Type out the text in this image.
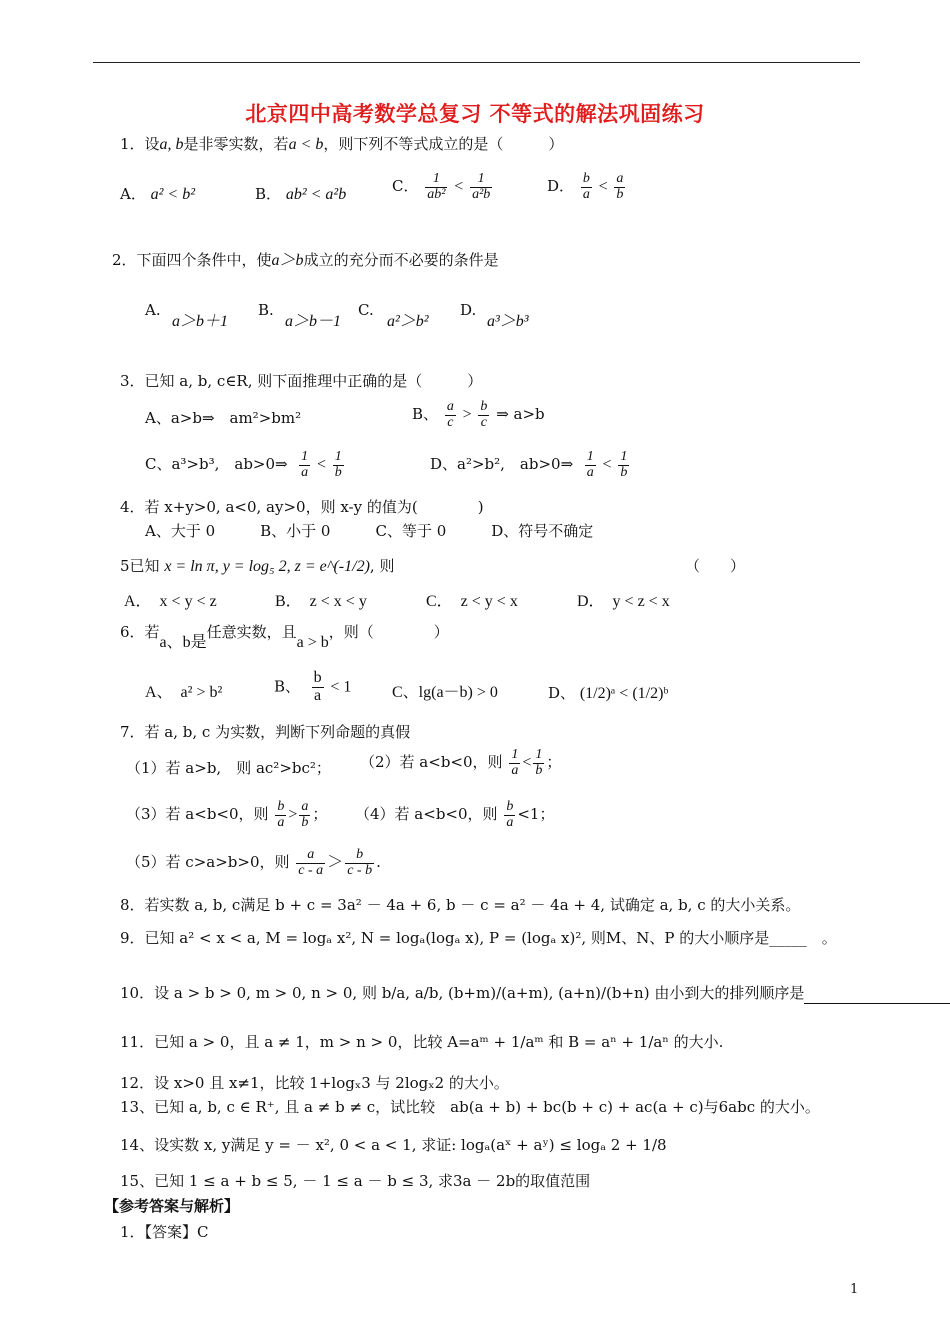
北京四中高考数学总复习 不等式的解法巩固练习
1．设a, b是非零实数，若a < b，则下列不等式成立的是（　　　）
A． a² < b²	B． ab² < a²b	C． $\frac{1}{\text{ab²}} < \frac{1}{\text{a²b}}$	D． $\frac{b}{a} < \frac{a}{b}$
2．下面四个条件中，使a＞b成立的充分而不必要的条件是
A.
a＞b＋1
B.
a＞b－1
C.
a²＞b²
D.
a³＞b³
3．已知 a, b, c∈R, 则下面推理中正确的是（　　　）
A、a>b⇒　am²>bm²	B、 $\frac{a}{c} > \frac{b}{c}$ ⇒ a>b
C、a³>b³,　ab>0⇒ $\frac{1}{a} < \frac{1}{b}$	D、a²>b²,　ab>0⇒ $\frac{1}{a} < \frac{1}{b}$
4．若 x+y>0, a<0, ay>0，则 x-y 的值为(　　　　)
A、大于 0　　　B、小于 0　　　C、等于 0　　　D、符号不确定
5已知 x = ln π, y = log₅ 2, z = e^(-1/2), 则	（　　）
A．　x < y < z	B．　z < x < y	C．　z < y < x	D．　y < z < x
6．若a、b是任意实数，且a > b，则（　　　　）
A、　a² > b²	B、 $\frac{b}{a} < 1$	C、lg(a－b) > 0	D、 (1/2)ᵃ < (1/2)ᵇ
7．若 a, b, c 为实数，判断下列命题的真假
（1）若 a>b,　则 ac²>bc²； （2）若 a<b<0，则 $\frac{1}{a} < \frac{1}{b}$ ；
（3）若 a<b<0，则 $\frac{b}{a} > \frac{a}{b}$ ； （4）若 a<b<0，则 $\frac{b}{a} <1$；
（5）若 c>a>b>0，则 $\frac{a}{c - a} > \frac{b}{c - b}$ .
8．若实数 a, b, c满足 b + c = 3a² － 4a + 6, b － c = a² － 4a + 4, 试确定 a, b, c 的大小关系。
9．已知 a² < x < a, M = logₐ x², N = logₐ(logₐ x), P = (logₐ x)², 则M、N、P 的大小顺序是_____　。
10．设 a > b > 0, m > 0, n > 0, 则 b/a, a/b, (b+m)/(a+m), (a+n)/(b+n) 由小到大的排列顺序是
11．已知 a > 0，且 a ≠ 1，m > n > 0，比较 A=aᵐ + 1/aᵐ 和 B = aⁿ + 1/aⁿ 的大小.
12．设 x>0 且 x≠1，比较 1+logₓ3 与 2logₓ2 的大小。
13、已知 a, b, c ∈ R⁺, 且 a ≠ b ≠ c，试比较　ab(a + b) + bc(b + c) + ac(a + c)与6abc 的大小。
14、设实数 x, y满足 y = － x², 0 < a < 1, 求证: logₐ(aˣ + aʸ) ≤ logₐ 2 + 1/8
15、已知 1 ≤ a + b ≤ 5, － 1 ≤ a － b ≤ 3, 求3a － 2b的取值范围
【参考答案与解析】
1．【答案】C
1
